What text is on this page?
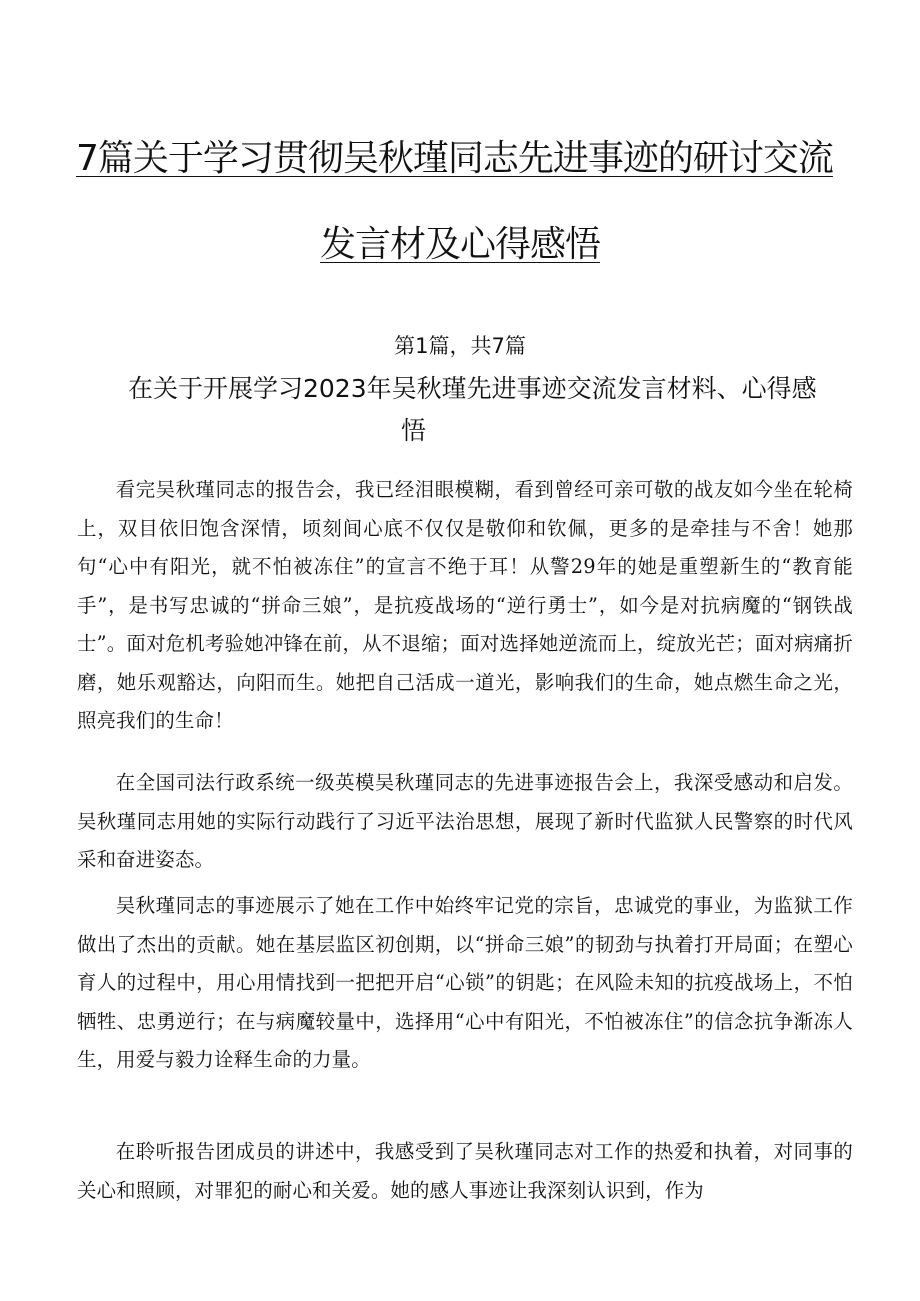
7篇关于学习贯彻吴秋瑾同志先进事迹的研讨交流
发言材及心得感悟
第1篇，共7篇
在关于开展学习2023年吴秋瑾先进事迹交流发言材料、心得感
悟

看完吴秋瑾同志的报告会，我已经泪眼模糊，看到曾经可亲可敬的战友如今坐在轮椅上，双目依旧饱含深情，顷刻间心底不仅仅是敬仰和钦佩，更多的是牵挂与不舍！她那句“心中有阳光，就不怕被冻住”的宣言不绝于耳！从警29年的她是重塑新生的“教育能手”，是书写忠诚的“拼命三娘”，是抗疫战场的“逆行勇士”，如今是对抗病魔的“钢铁战士”。面对危机考验她冲锋在前，从不退缩；面对选择她逆流而上，绽放光芒；面对病痛折磨，她乐观豁达，向阳而生。她把自己活成一道光，影响我们的生命，她点燃生命之光，照亮我们的生命！

在全国司法行政系统一级英模吴秋瑾同志的先进事迹报告会上，我深受感动和启发。吴秋瑾同志用她的实际行动践行了习近平法治思想，展现了新时代监狱人民警察的时代风采和奋进姿态。

吴秋瑾同志的事迹展示了她在工作中始终牢记党的宗旨，忠诚党的事业，为监狱工作做出了杰出的贡献。她在基层监区初创期，以“拼命三娘”的韧劲与执着打开局面；在塑心育人的过程中，用心用情找到一把把开启“心锁”的钥匙；在风险未知的抗疫战场上，不怕牺牲、忠勇逆行；在与病魔较量中，选择用“心中有阳光，不怕被冻住”的信念抗争渐冻人生，用爱与毅力诠释生命的力量。

在聆听报告团成员的讲述中，我感受到了吴秋瑾同志对工作的热爱和执着，对同事的关心和照顾，对罪犯的耐心和关爱。她的感人事迹让我深刻认识到，作为
